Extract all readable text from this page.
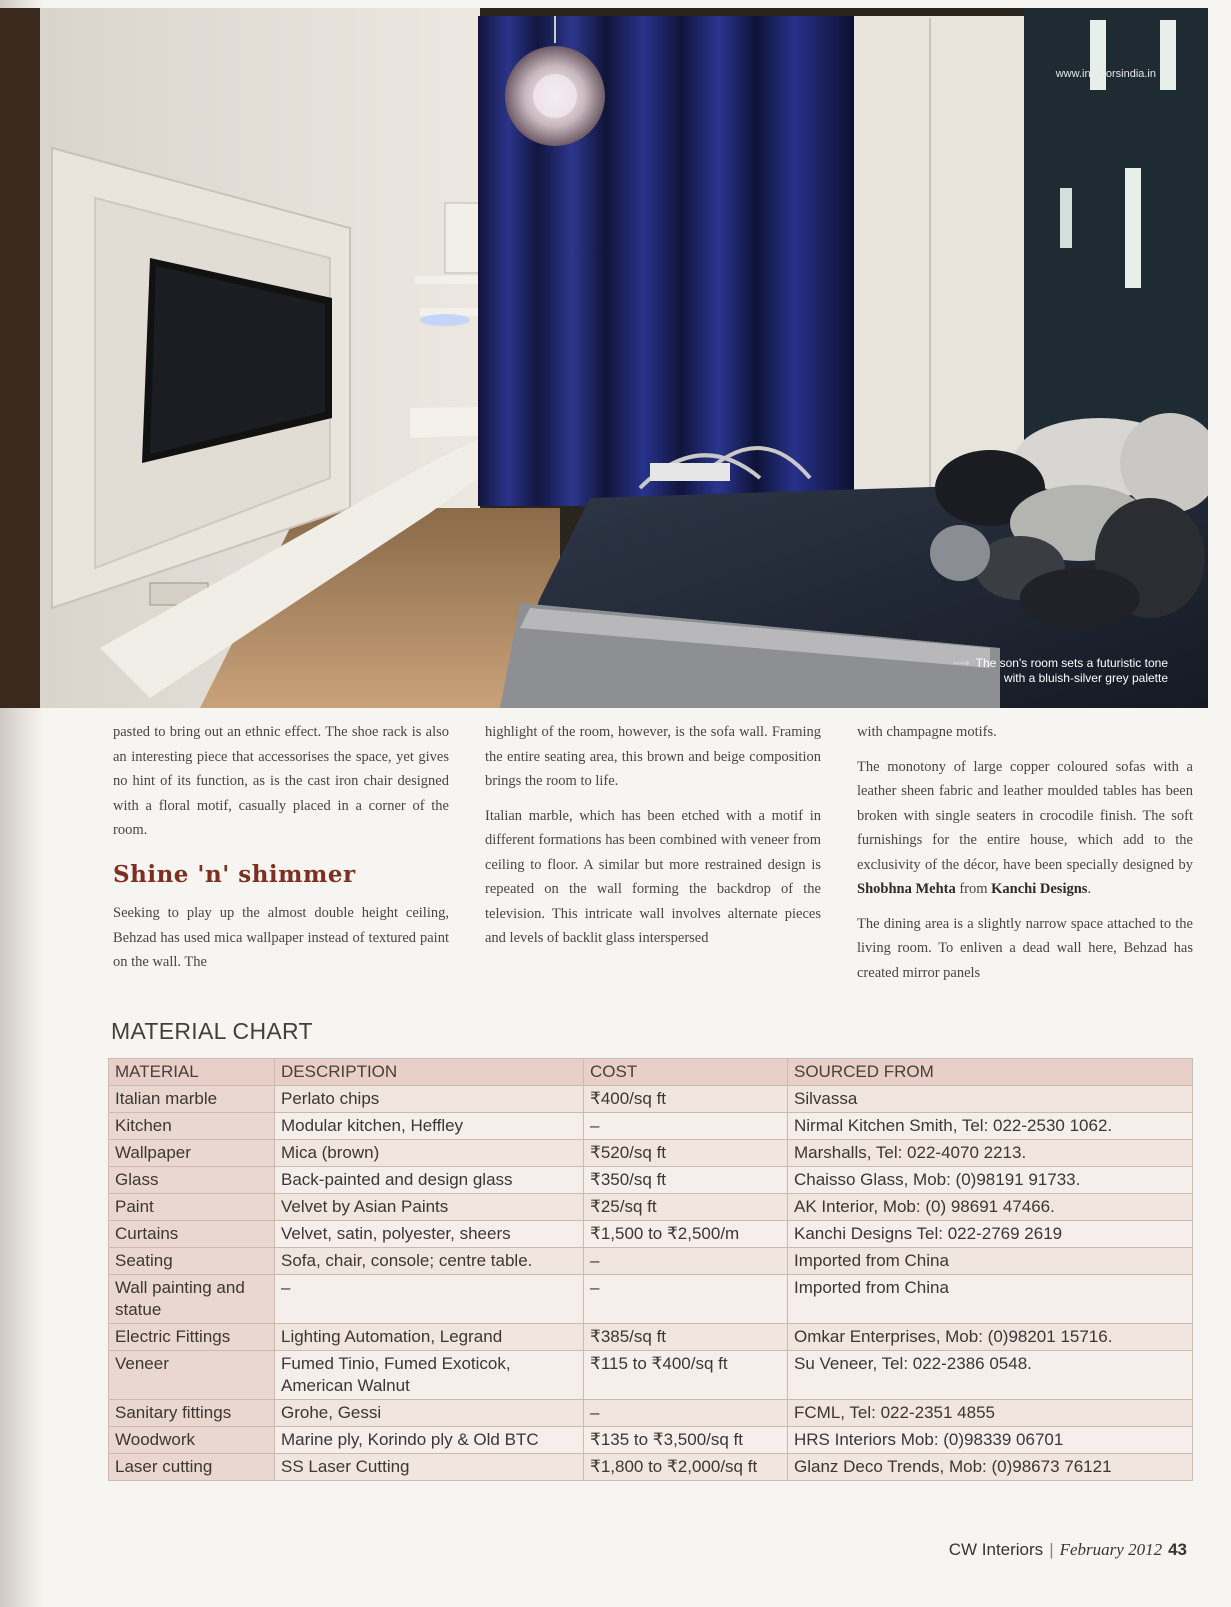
www.interiorsindia.in
⟶ The son's room sets a futuristic tone
with a bluish-silver grey palette

pasted to bring out an ethnic effect. The shoe rack is also an interesting piece that accessorises the space, yet gives no hint of its function, as is the cast iron chair designed with a floral motif, casually placed in a corner of the room.

Shine 'n' shimmer

Seeking to play up the almost double height ceiling, Behzad has used mica wallpaper instead of textured paint on the wall. The

highlight of the room, however, is the sofa wall. Framing the entire seating area, this brown and beige composition brings the room to life.

Italian marble, which has been etched with a motif in different formations has been combined with veneer from ceiling to floor. A similar but more restrained design is repeated on the wall forming the backdrop of the television. This intricate wall involves alternate pieces and levels of backlit glass interspersed

with champagne motifs.

The monotony of large copper coloured sofas with a leather sheen fabric and leather moulded tables has been broken with single seaters in crocodile finish. The soft furnishings for the entire house, which add to the exclusivity of the décor, have been specially designed by Shobhna Mehta from Kanchi Designs.

The dining area is a slightly narrow space attached to the living room. To enliven a dead wall here, Behzad has created mirror panels

MATERIAL CHART
MATERIAL	DESCRIPTION	COST	SOURCED FROM
Italian marble	Perlato chips	₹400/sq ft	Silvassa
Kitchen	Modular kitchen, Heffley	–	Nirmal Kitchen Smith, Tel: 022-2530 1062.
Wallpaper	Mica (brown)	₹520/sq ft	Marshalls, Tel: 022-4070 2213.
Glass	Back-painted and design glass	₹350/sq ft	Chaisso Glass, Mob: (0)98191 91733.
Paint	Velvet by Asian Paints	₹25/sq ft	AK Interior, Mob: (0) 98691 47466.
Curtains	Velvet, satin, polyester, sheers	₹1,500 to ₹2,500/m	Kanchi Designs Tel: 022-2769 2619
Seating	Sofa, chair, console; centre table.	–	Imported from China
Wall painting and statue	–	–	Imported from China
Electric Fittings	Lighting Automation, Legrand	₹385/sq ft	Omkar Enterprises, Mob: (0)98201 15716.
Veneer	Fumed Tinio, Fumed Exoticok, American Walnut	₹115 to ₹400/sq ft	Su Veneer, Tel: 022-2386 0548.
Sanitary fittings	Grohe, Gessi	–	FCML, Tel: 022-2351 4855
Woodwork	Marine ply, Korindo ply & Old BTC	₹135 to ₹3,500/sq ft	HRS Interiors Mob: (0)98339 06701
Laser cutting	SS Laser Cutting	₹1,800 to ₹2,000/sq ft	Glanz Deco Trends, Mob: (0)98673 76121
CW Interiors | February 2012 43
